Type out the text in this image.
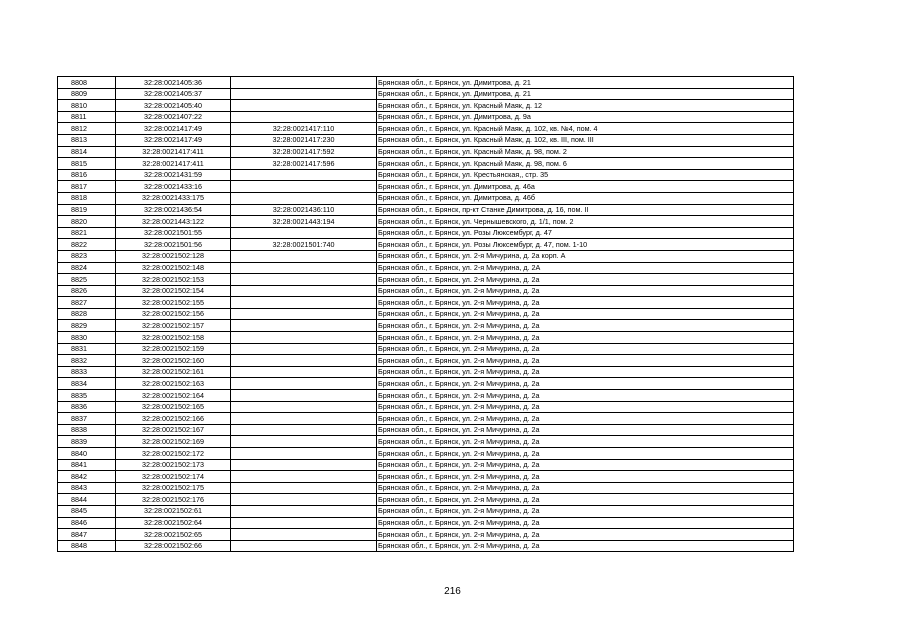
8808	32:28:0021405:36		Брянская обл., г. Брянск, ул. Димитрова, д. 21
8809	32:28:0021405:37		Брянская обл., г. Брянск, ул. Димитрова, д. 21
8810	32:28:0021405:40		Брянская обл., г. Брянск, ул. Красный Маяк, д. 12
8811	32:28:0021407:22		Брянская обл., г. Брянск, ул. Димитрова, д. 9а
8812	32:28:0021417:49	32:28:0021417:110	Брянская обл., г. Брянск, ул. Красный Маяк, д. 102, кв. №4, пом. 4
8813	32:28:0021417:49	32:28:0021417:230	Брянская обл., г. Брянск, ул. Красный Маяк, д. 102, кв. III, пом. III
8814	32:28:0021417:411	32:28:0021417:592	Брянская обл., г. Брянск, ул. Красный Маяк, д. 98, пом. 2
8815	32:28:0021417:411	32:28:0021417:596	Брянская обл., г. Брянск, ул. Красный Маяк, д. 98, пом. 6
8816	32:28:0021431:59		Брянская обл., г. Брянск, ул. Крестьянская,, стр. 35
8817	32:28:0021433:16		Брянская обл., г. Брянск, ул. Димитрова, д. 46а
8818	32:28:0021433:175		Брянская обл., г. Брянск, ул. Димитрова, д. 46б
8819	32:28:0021436:54	32:28:0021436:110	Брянская обл., г. Брянск, пр-кт Станке Димитрова, д. 16, пом. II
8820	32:28:0021443:122	32:28:0021443:194	Брянская обл., г. Брянск, ул. Чернышевского, д. 1/1, пом. 2
8821	32:28:0021501:55		Брянская обл., г. Брянск, ул. Розы Люксембург, д. 47
8822	32:28:0021501:56	32:28:0021501:740	Брянская обл., г. Брянск, ул. Розы Люксембург, д. 47, пом. 1-10
8823	32:28:0021502:128		Брянская обл., г. Брянск, ул. 2-я Мичурина, д. 2а корп. А
8824	32:28:0021502:148		Брянская обл., г. Брянск, ул. 2-я Мичурина, д. 2А
8825	32:28:0021502:153		Брянская обл., г. Брянск, ул. 2-я Мичурина, д. 2а
8826	32:28:0021502:154		Брянская обл., г. Брянск, ул. 2-я Мичурина, д. 2а
8827	32:28:0021502:155		Брянская обл., г. Брянск, ул. 2-я Мичурина, д. 2а
8828	32:28:0021502:156		Брянская обл., г. Брянск, ул. 2-я Мичурина, д. 2а
8829	32:28:0021502:157		Брянская обл., г. Брянск, ул. 2-я Мичурина, д. 2а
8830	32:28:0021502:158		Брянская обл., г. Брянск, ул. 2-я Мичурина, д. 2а
8831	32:28:0021502:159		Брянская обл., г. Брянск, ул. 2-я Мичурина, д. 2а
8832	32:28:0021502:160		Брянская обл., г. Брянск, ул. 2-я Мичурина, д. 2а
8833	32:28:0021502:161		Брянская обл., г. Брянск, ул. 2-я Мичурина, д. 2а
8834	32:28:0021502:163		Брянская обл., г. Брянск, ул. 2-я Мичурина, д. 2а
8835	32:28:0021502:164		Брянская обл., г. Брянск, ул. 2-я Мичурина, д. 2а
8836	32:28:0021502:165		Брянская обл., г. Брянск, ул. 2-я Мичурина, д. 2а
8837	32:28:0021502:166		Брянская обл., г. Брянск, ул. 2-я Мичурина, д. 2а
8838	32:28:0021502:167		Брянская обл., г. Брянск, ул. 2-я Мичурина, д. 2а
8839	32:28:0021502:169		Брянская обл., г. Брянск, ул. 2-я Мичурина, д. 2а
8840	32:28:0021502:172		Брянская обл., г. Брянск, ул. 2-я Мичурина, д. 2а
8841	32:28:0021502:173		Брянская обл., г. Брянск, ул. 2-я Мичурина, д. 2а
8842	32:28:0021502:174		Брянская обл., г. Брянск, ул. 2-я Мичурина, д. 2а
8843	32:28:0021502:175		Брянская обл., г. Брянск, ул. 2-я Мичурина, д. 2а
8844	32:28:0021502:176		Брянская обл., г. Брянск, ул. 2-я Мичурина, д. 2а
8845	32:28:0021502:61		Брянская обл., г. Брянск, ул. 2-я Мичурина, д. 2а
8846	32:28:0021502:64		Брянская обл., г. Брянск, ул. 2-я Мичурина, д. 2а
8847	32:28:0021502:65		Брянская обл., г. Брянск, ул. 2-я Мичурина, д. 2а
8848	32:28:0021502:66		Брянская обл., г. Брянск, ул. 2-я Мичурина, д. 2а
216
